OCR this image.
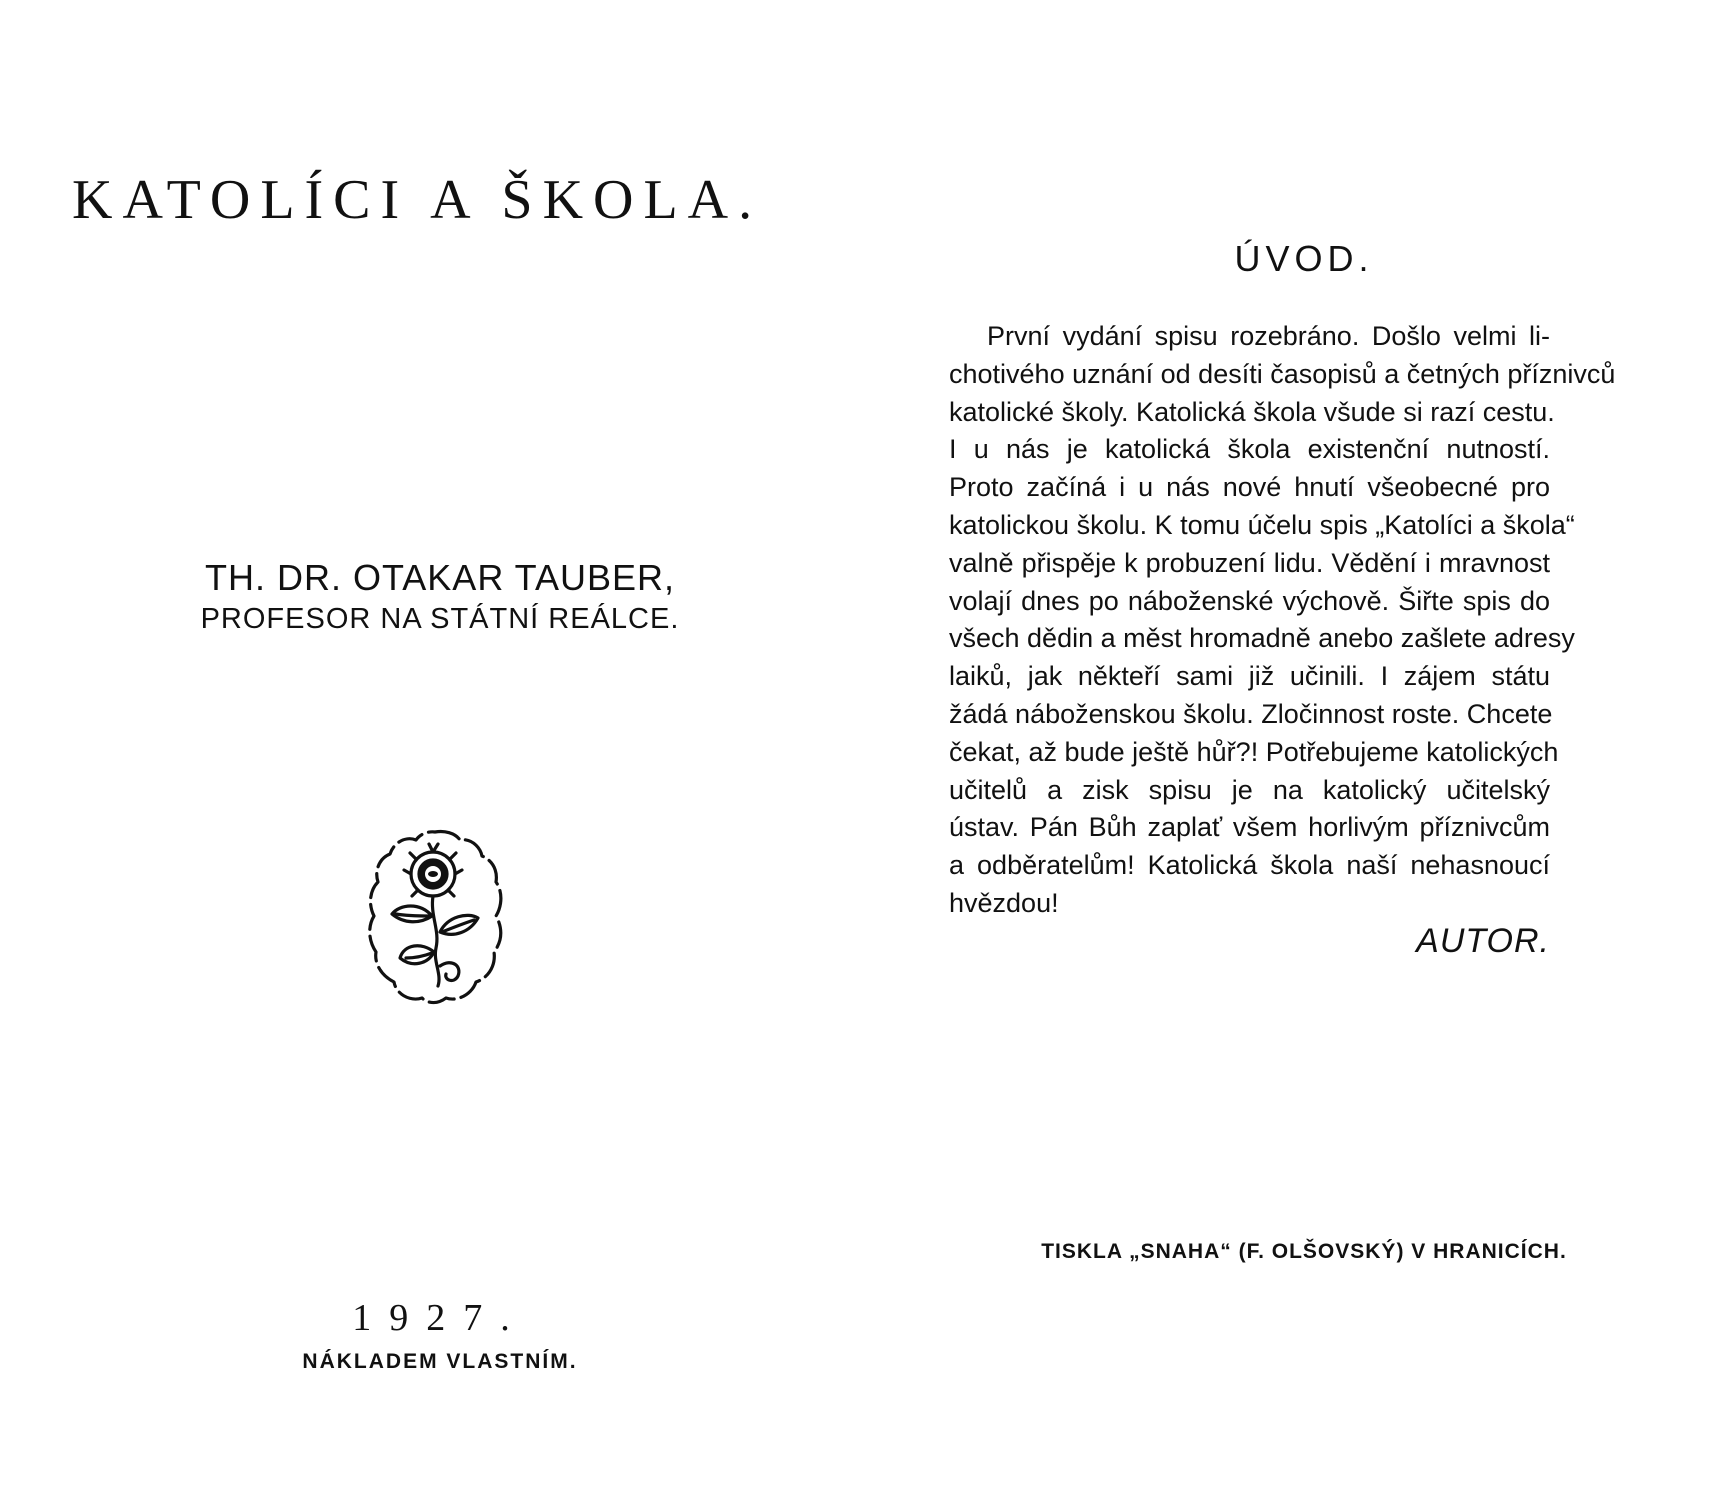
KATOLÍCI A ŠKOLA.
TH. DR. OTAKAR TAUBER,
PROFESOR NA STÁTNÍ REÁLCE.
1927.
NÁKLADEM VLASTNÍM.
ÚVOD.

První vydání spisu rozebráno. Došlo velmi li-
chotivého uznání od desíti časopisů a četných příznivců
katolické školy. Katolická škola všude si razí cestu.
I u nás je katolická škola existenční nutností.
Proto začíná i u nás nové hnutí všeobecné pro
katolickou školu. K tomu účelu spis „Katolíci a škola“
valně přispěje k probuzení lidu. Vědění i mravnost
volají dnes po náboženské výchově. Šiřte spis do
všech dědin a měst hromadně anebo zašlete adresy
laiků, jak někteří sami již učinili. I zájem státu
žádá náboženskou školu. Zločinnost roste. Chcete
čekat, až bude ještě hůř?! Potřebujeme katolických
učitelů a zisk spisu je na katolický učitelský
ústav. Pán Bůh zaplať všem horlivým příznivcům
a odběratelům! Katolická škola naší nehasnoucí
hvězdou!

AUTOR.
TISKLA „SNAHA“ (F. OLŠOVSKÝ) V HRANICÍCH.
